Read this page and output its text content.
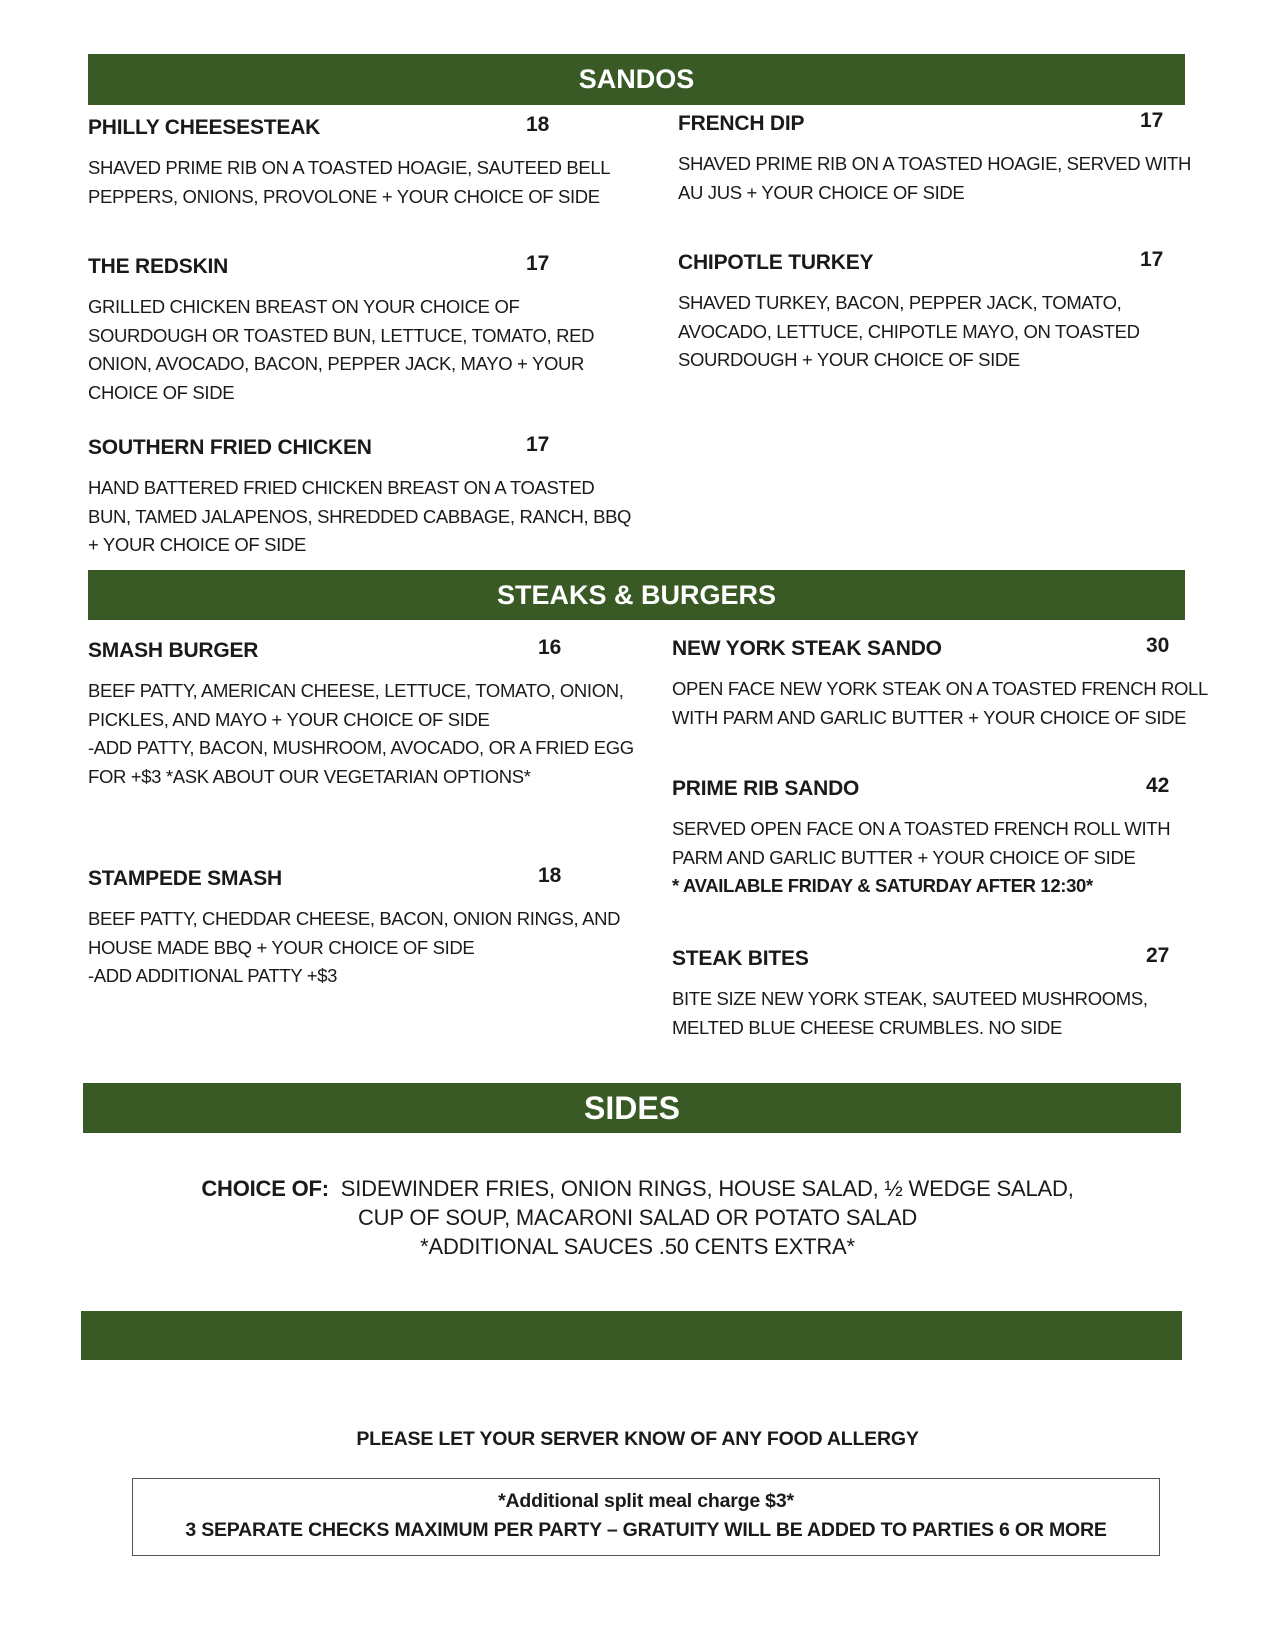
SANDOS
PHILLY CHEESESTEAK	18
SHAVED PRIME RIB ON A TOASTED HOAGIE, SAUTEED BELL
PEPPERS, ONIONS, PROVOLONE + YOUR CHOICE OF SIDE
FRENCH DIP	17
SHAVED PRIME RIB ON A TOASTED HOAGIE, SERVED WITH
AU JUS + YOUR CHOICE OF SIDE
THE REDSKIN	17
GRILLED CHICKEN BREAST ON YOUR CHOICE OF
SOURDOUGH OR TOASTED BUN, LETTUCE, TOMATO, RED
ONION, AVOCADO, BACON, PEPPER JACK, MAYO + YOUR
CHOICE OF SIDE
CHIPOTLE TURKEY	17
SHAVED TURKEY, BACON, PEPPER JACK, TOMATO,
AVOCADO, LETTUCE, CHIPOTLE MAYO, ON TOASTED
SOURDOUGH + YOUR CHOICE OF SIDE
SOUTHERN FRIED CHICKEN	17
HAND BATTERED FRIED CHICKEN BREAST ON A TOASTED
BUN, TAMED JALAPENOS, SHREDDED CABBAGE, RANCH, BBQ
+ YOUR CHOICE OF SIDE
STEAKS & BURGERS
SMASH BURGER	16
BEEF PATTY, AMERICAN CHEESE, LETTUCE, TOMATO, ONION,
PICKLES, AND MAYO + YOUR CHOICE OF SIDE
-ADD PATTY, BACON, MUSHROOM, AVOCADO, OR A FRIED EGG
FOR +$3 *ASK ABOUT OUR VEGETARIAN OPTIONS*
NEW YORK STEAK SANDO	30
OPEN FACE NEW YORK STEAK ON A TOASTED FRENCH ROLL
WITH PARM AND GARLIC BUTTER + YOUR CHOICE OF SIDE
PRIME RIB SANDO	42
SERVED OPEN FACE ON A TOASTED FRENCH ROLL WITH
PARM AND GARLIC BUTTER + YOUR CHOICE OF SIDE
* AVAILABLE FRIDAY & SATURDAY AFTER 12:30*
STAMPEDE SMASH	18
BEEF PATTY, CHEDDAR CHEESE, BACON, ONION RINGS, AND
HOUSE MADE BBQ + YOUR CHOICE OF SIDE
-ADD ADDITIONAL PATTY +$3
STEAK BITES	27
BITE SIZE NEW YORK STEAK, SAUTEED MUSHROOMS,
MELTED BLUE CHEESE CRUMBLES. NO SIDE
SIDES
CHOICE OF: SIDEWINDER FRIES, ONION RINGS, HOUSE SALAD, ½ WEDGE SALAD,
CUP OF SOUP, MACARONI SALAD OR POTATO SALAD
*ADDITIONAL SAUCES .50 CENTS EXTRA*
PLEASE LET YOUR SERVER KNOW OF ANY FOOD ALLERGY
*Additional split meal charge $3*
3 SEPARATE CHECKS MAXIMUM PER PARTY – GRATUITY WILL BE ADDED TO PARTIES 6 OR MORE
